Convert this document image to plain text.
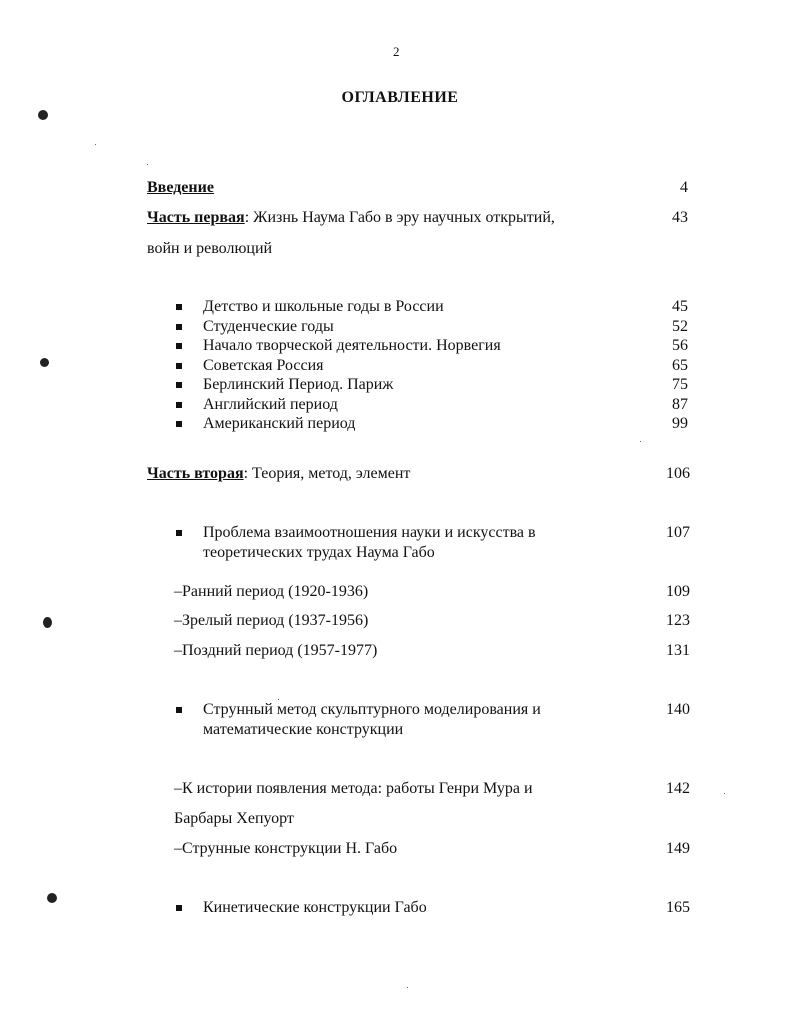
2
ОГЛАВЛЕНИЕ
Введение	4
Часть первая: Жизнь Наума Габо в эру научных открытий,	43
войн и революций
Детство и школьные годы в России	45
Студенческие годы	52
Начало творческой деятельности. Норвегия	56
Советская Россия	65
Берлинский Период. Париж	75
Английский период	87
Американский период	99
Часть вторая: Теория, метод, элемент	106
Проблема взаимоотношения науки и искусства в	107
теоретических трудах Наума Габо
–Ранний период (1920-1936)	109
–Зрелый период (1937-1956)	123
–Поздний период (1957-1977)	131
Струнный метод скульптурного моделирования и	140
математические конструкции
–К истории появления метода: работы Генри Мура и	142
Барбары Хепуорт
–Струнные конструкции Н. Габо	149
Кинетические конструкции Габо	165
